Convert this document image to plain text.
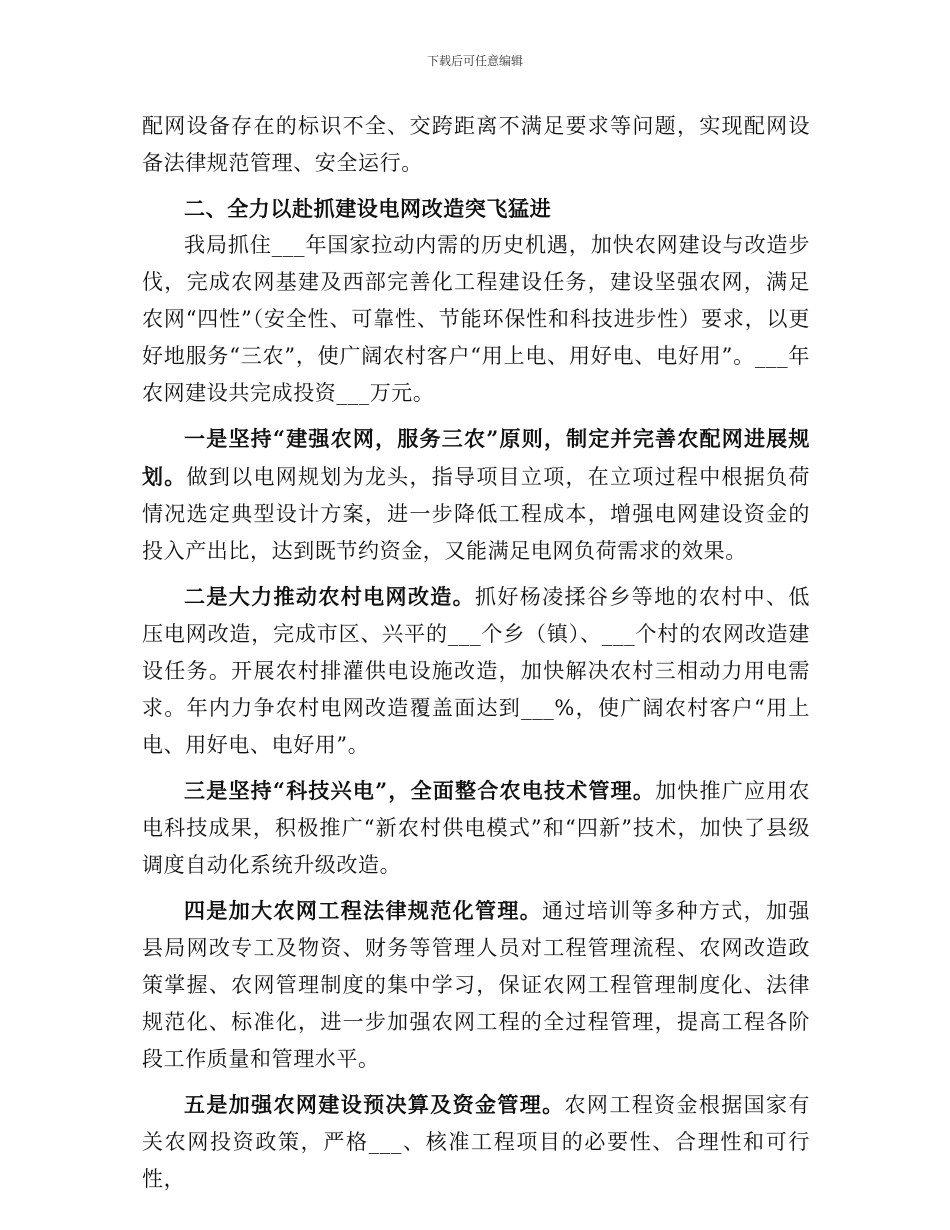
下载后可任意编辑

配网设备存在的标识不全、交跨距离不满足要求等问题，实现配网设备法律规范管理、安全运行。

二、全力以赴抓建设电网改造突飞猛进

我局抓住___年国家拉动内需的历史机遇，加快农网建设与改造步伐，完成农网基建及西部完善化工程建设任务，建设坚强农网，满足农网“四性”（安全性、可靠性、节能环保性和科技进步性）要求，以更好地服务“三农”，使广阔农村客户“用上电、用好电、电好用”。___年农网建设共完成投资___万元。

一是坚持“建强农网，服务三农”原则，制定并完善农配网进展规划。做到以电网规划为龙头，指导项目立项，在立项过程中根据负荷情况选定典型设计方案，进一步降低工程成本，增强电网建设资金的投入产出比，达到既节约资金，又能满足电网负荷需求的效果。

二是大力推动农村电网改造。抓好杨凌揉谷乡等地的农村中、低压电网改造，完成市区、兴平的___个乡（镇）、___个村的农网改造建设任务。开展农村排灌供电设施改造，加快解决农村三相动力用电需求。年内力争农村电网改造覆盖面达到___%，使广阔农村客户“用上电、用好电、电好用”。

三是坚持“科技兴电”，全面整合农电技术管理。加快推广应用农电科技成果，积极推广“新农村供电模式”和“四新”技术，加快了县级调度自动化系统升级改造。

四是加大农网工程法律规范化管理。通过培训等多种方式，加强县局网改专工及物资、财务等管理人员对工程管理流程、农网改造政策掌握、农网管理制度的集中学习，保证农网工程管理制度化、法律规范化、标准化，进一步加强农网工程的全过程管理，提高工程各阶段工作质量和管理水平。

五是加强农网建设预决算及资金管理。农网工程资金根据国家有关农网投资政策，严格___、核准工程项目的必要性、合理性和可行性，
